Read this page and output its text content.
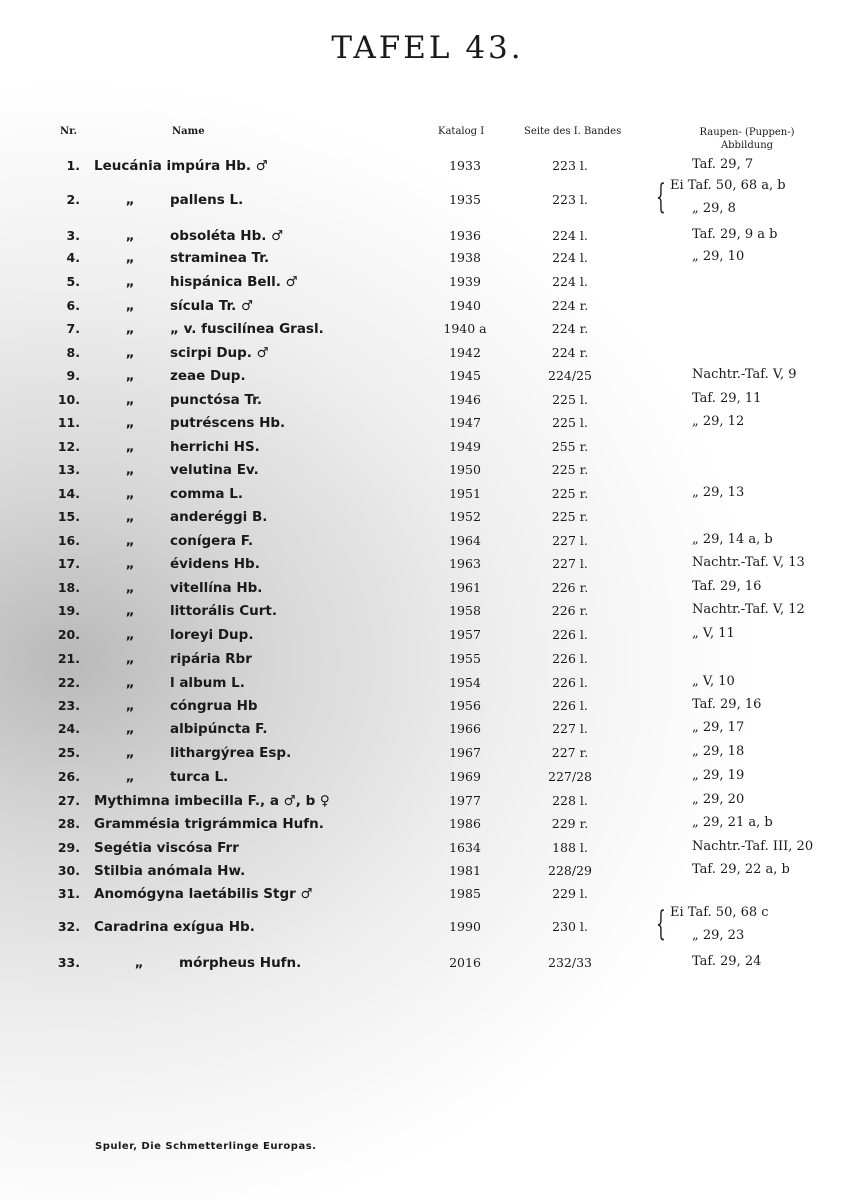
TAFEL 43.
Nr.	Name	Katalog I	Seite des I. Bandes	Raupen- (Puppen-)
Abbildung
1. Leucánia impúra Hb. ♂	1933	223 l.	Taf. 29, 7
2.	„	pallens L.	1935	223 l.	{ Ei Taf. 50, 68 a, b
„ 29, 8
3.	„	obsoléta Hb. ♂	1936	224 l.	Taf. 29, 9 a b
4.	„	straminea Tr.	1938	224 l.	„ 29, 10
5.	„	hispánica Bell. ♂	1939	224 l.
6.	„	sícula Tr. ♂	1940	224 r.
7.	„	„ v. fuscilínea Grasl.	1940 a	224 r.
8.	„	scirpi Dup. ♂	1942	224 r.
9.	„	zeae Dup.	1945	224/25	Nachtr.-Taf. V, 9
10.	„	punctósa Tr.	1946	225 l.	Taf. 29, 11
11.	„	putréscens Hb.	1947	225 l.	„ 29, 12
12.	„	herrichi HS.	1949	255 r.
13.	„	velutina Ev.	1950	225 r.
14.	„	comma L.	1951	225 r.	„ 29, 13
15.	„	anderéggi B.	1952	225 r.
16.	„	conígera F.	1964	227 l.	„ 29, 14 a, b
17.	„	évidens Hb.	1963	227 l.	Nachtr.-Taf. V, 13
18.	„	vitellína Hb.	1961	226 r.	Taf. 29, 16
19.	„	littorális Curt.	1958	226 r.	Nachtr.-Taf. V, 12
20.	„	loreyi Dup.	1957	226 l.	„ V, 11
21.	„	ripária Rbr	1955	226 l.
22.	„	l album L.	1954	226 l.	„ V, 10
23.	„	cóngrua Hb	1956	226 l.	Taf. 29, 16
24.	„	albipúncta F.	1966	227 l.	„ 29, 17
25.	„	lithargýrea Esp.	1967	227 r.	„ 29, 18
26.	„	turca L.	1969	227/28	„ 29, 19
27. Mythimna imbecilla F., a ♂, b ♀	1977	228 l.	„ 29, 20
28. Grammésia trigrámmica Hufn.	1986	229 r.	„ 29, 21 a, b
29. Segétia viscósa Frr	1634	188 l.	Nachtr.-Taf. III, 20
30. Stilbia anómala Hw.	1981	228/29	Taf. 29, 22 a, b
31. Anomógyna laetábilis Stgr ♂	1985	229 l.
32. Caradrina exígua Hb.	1990	230 l.	{ Ei Taf. 50, 68 c
„ 29, 23
33.	„	mórpheus Hufn.	2016	232/33	Taf. 29, 24
Spuler, Die Schmetterlinge Europas.
